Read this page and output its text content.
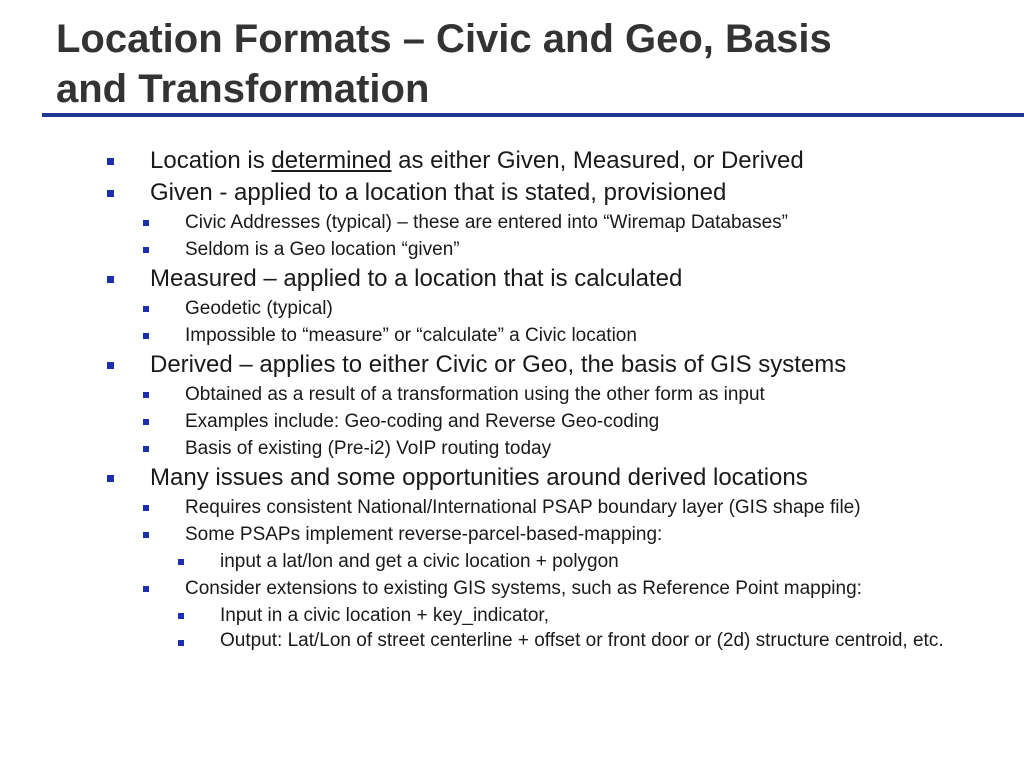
Location Formats – Civic and Geo, Basis
and Transformation
Location is determined as either Given, Measured, or Derived
Given - applied to a location that is stated, provisioned
Civic Addresses (typical) – these are entered into “Wiremap Databases”
Seldom is a Geo location “given”
Measured – applied to a location that is calculated
Geodetic (typical)
Impossible to “measure” or “calculate” a Civic location
Derived – applies to either Civic or Geo, the basis of GIS systems
Obtained as a result of a transformation using the other form as input
Examples include: Geo-coding and Reverse Geo-coding
Basis of existing (Pre-i2) VoIP routing today
Many issues and some opportunities around derived locations
Requires consistent National/International PSAP boundary layer (GIS shape file)
Some PSAPs implement reverse-parcel-based-mapping:
input a lat/lon and get a civic location + polygon
Consider extensions to existing GIS systems, such as Reference Point mapping:
Input in a civic location + key_indicator,
Output: Lat/Lon of street centerline + offset or front door or (2d) structure centroid, etc.
